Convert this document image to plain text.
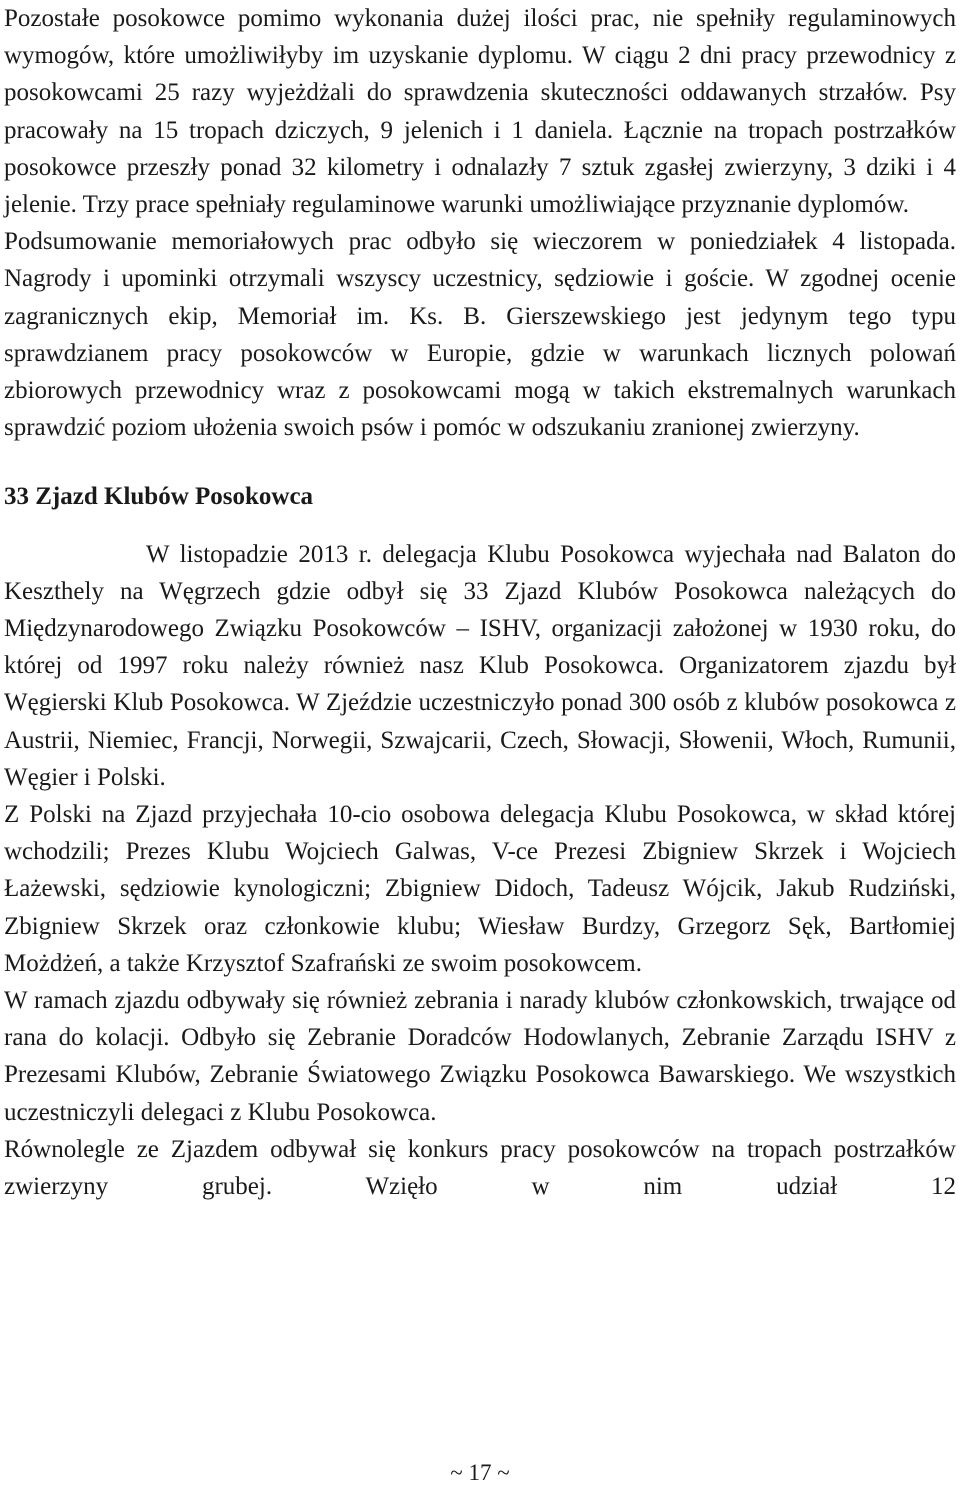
Pozostałe posokowce pomimo wykonania dużej ilości prac, nie spełniły regulaminowych wymogów, które umożliwiłyby im uzyskanie dyplomu. W ciągu 2 dni pracy przewodnicy z posokowcami 25 razy wyjeżdżali do sprawdzenia skuteczności oddawanych strzałów. Psy pracowały na 15 tropach dziczych, 9 jelenich i 1 daniela. Łącznie na tropach postrzałków posokowce przeszły ponad 32 kilometry i odnalazły 7 sztuk zgasłej zwierzyny, 3 dziki i 4 jelenie. Trzy prace spełniały regulaminowe warunki umożliwiające przyznanie dyplomów.

Podsumowanie memoriałowych prac odbyło się wieczorem w poniedziałek 4 listopada. Nagrody i upominki otrzymali wszyscy uczestnicy, sędziowie i goście. W zgodnej ocenie zagranicznych ekip, Memoriał im. Ks. B. Gierszewskiego jest jedynym tego typu sprawdzianem pracy posokowców w Europie, gdzie w warunkach licznych polowań zbiorowych przewodnicy wraz z posokowcami mogą w takich ekstremalnych warunkach sprawdzić poziom ułożenia swoich psów i pomóc w odszukaniu zranionej zwierzyny.

33 Zjazd Klubów Posokowca

W listopadzie 2013 r. delegacja Klubu Posokowca wyjechała nad Balaton do Keszthely na Węgrzech gdzie odbył się 33 Zjazd Klubów Posokowca należących do Międzynarodowego Związku Posokowców – ISHV, organizacji założonej w 1930 roku, do której od 1997 roku należy również nasz Klub Posokowca. Organizatorem zjazdu był Węgierski Klub Posokowca. W Zjeździe uczestniczyło ponad 300 osób z klubów posokowca z Austrii, Niemiec, Francji, Norwegii, Szwajcarii, Czech, Słowacji, Słowenii, Włoch, Rumunii, Węgier i Polski.

Z Polski na Zjazd przyjechała 10-cio osobowa delegacja Klubu Posokowca, w skład której wchodzili; Prezes Klubu Wojciech Galwas, V-ce Prezesi Zbigniew Skrzek i Wojciech Łażewski, sędziowie kynologiczni; Zbigniew Didoch, Tadeusz Wójcik, Jakub Rudziński, Zbigniew Skrzek oraz członkowie klubu; Wiesław Burdzy, Grzegorz Sęk, Bartłomiej Możdżeń, a także Krzysztof Szafrański ze swoim posokowcem.

W ramach zjazdu odbywały się również zebrania i narady klubów członkowskich, trwające od rana do kolacji. Odbyło się Zebranie Doradców Hodowlanych, Zebranie Zarządu ISHV z Prezesami Klubów, Zebranie Światowego Związku Posokowca Bawarskiego. We wszystkich uczestniczyli delegaci z Klubu Posokowca.

Równolegle ze Zjazdem odbywał się konkurs pracy posokowców na tropach postrzałków zwierzyny grubej. Wzięło w nim udział 12

~ 17 ~
